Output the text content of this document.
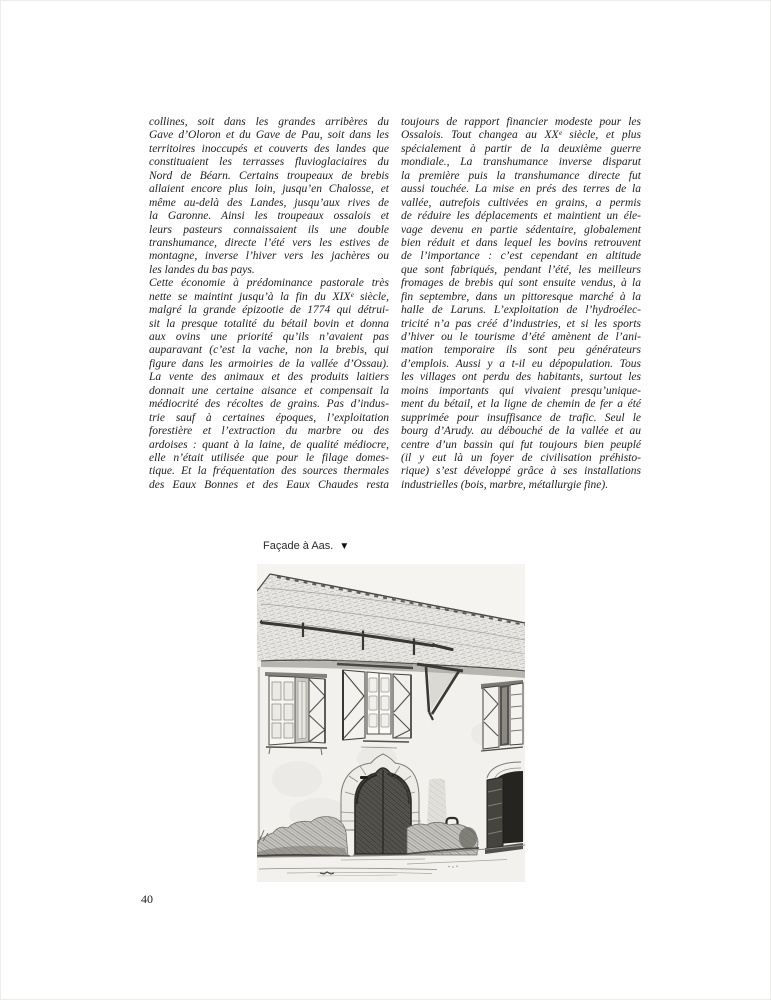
collines, soit dans les grandes arribères du
Gave d’Oloron et du Gave de Pau, soit dans les
territoires inoccupés et couverts des landes que
constituaient les terrasses fluvioglaciaires du
Nord de Béarn. Certains troupeaux de brebis
allaient encore plus loin, jusqu’en Chalosse, et
même au-delà des Landes, jusqu’aux rives de
la Garonne. Ainsi les troupeaux ossalois et
leurs pasteurs connaissaient ils une double
transhumance, directe l’été vers les estives de
montagne, inverse l’hiver vers les jachères ou
les landes du bas pays.
Cette économie à prédominance pastorale très
nette se maintint jusqu’à la fin du XIXᵉ siècle,
malgré la grande épizootie de 1774 qui détrui-
sit la presque totalité du bétail bovin et donna
aux ovins une priorité qu’ils n’avaient pas
auparavant (c’est la vache, non la brebis, qui
figure dans les armoiries de la vallée d’Ossau).
La vente des animaux et des produits laitiers
donnait une certaine aisance et compensait la
médiocrité des récoltes de grains. Pas d’indus-
trie sauf à certaines époques, l’exploitation
forestière et l’extraction du marbre ou des
ardoises : quant à la laine, de qualité médiocre,
elle n’était utilisée que pour le filage domes-
tique. Et la fréquentation des sources thermales
des Eaux Bonnes et des Eaux Chaudes resta
toujours de rapport financier modeste pour les
Ossalois. Tout changea au XXᵉ siècle, et plus
spécialement à partir de la deuxième guerre
mondiale., La transhumance inverse disparut
la première puis la transhumance directe fut
aussi touchée. La mise en prés des terres de la
vallée, autrefois cultivées en grains, a permis
de réduire les déplacements et maintient un éle-
vage devenu en partie sédentaire, globalement
bien réduit et dans lequel les bovins retrouvent
de l’importance : c’est cependant en altitude
que sont fabriqués, pendant l’été, les meilleurs
fromages de brebis qui sont ensuite vendus, à la
fin septembre, dans un pittoresque marché à la
halle de Laruns. L’exploitation de l’hydroélec-
tricité n’a pas créé d’industries, et si les sports
d’hiver ou le tourisme d’été amènent de l’ani-
mation temporaire ils sont peu générateurs
d’emplois. Aussi y a t-il eu dépopulation. Tous
les villages ont perdu des habitants, surtout les
moins importants qui vivaient presqu’unique-
ment du bétail, et la ligne de chemin de fer a été
supprimée pour insuffisance de trafic. Seul le
bourg d’Arudy. au débouché de la vallée et au
centre d’un bassin qui fut toujours bien peuplé
(il y eut là un foyer de civilisation préhisto-
rique) s’est développé grâce à ses installations
industrielles (bois, marbre, métallurgie fine).
Façade à Aas. ▼
40
